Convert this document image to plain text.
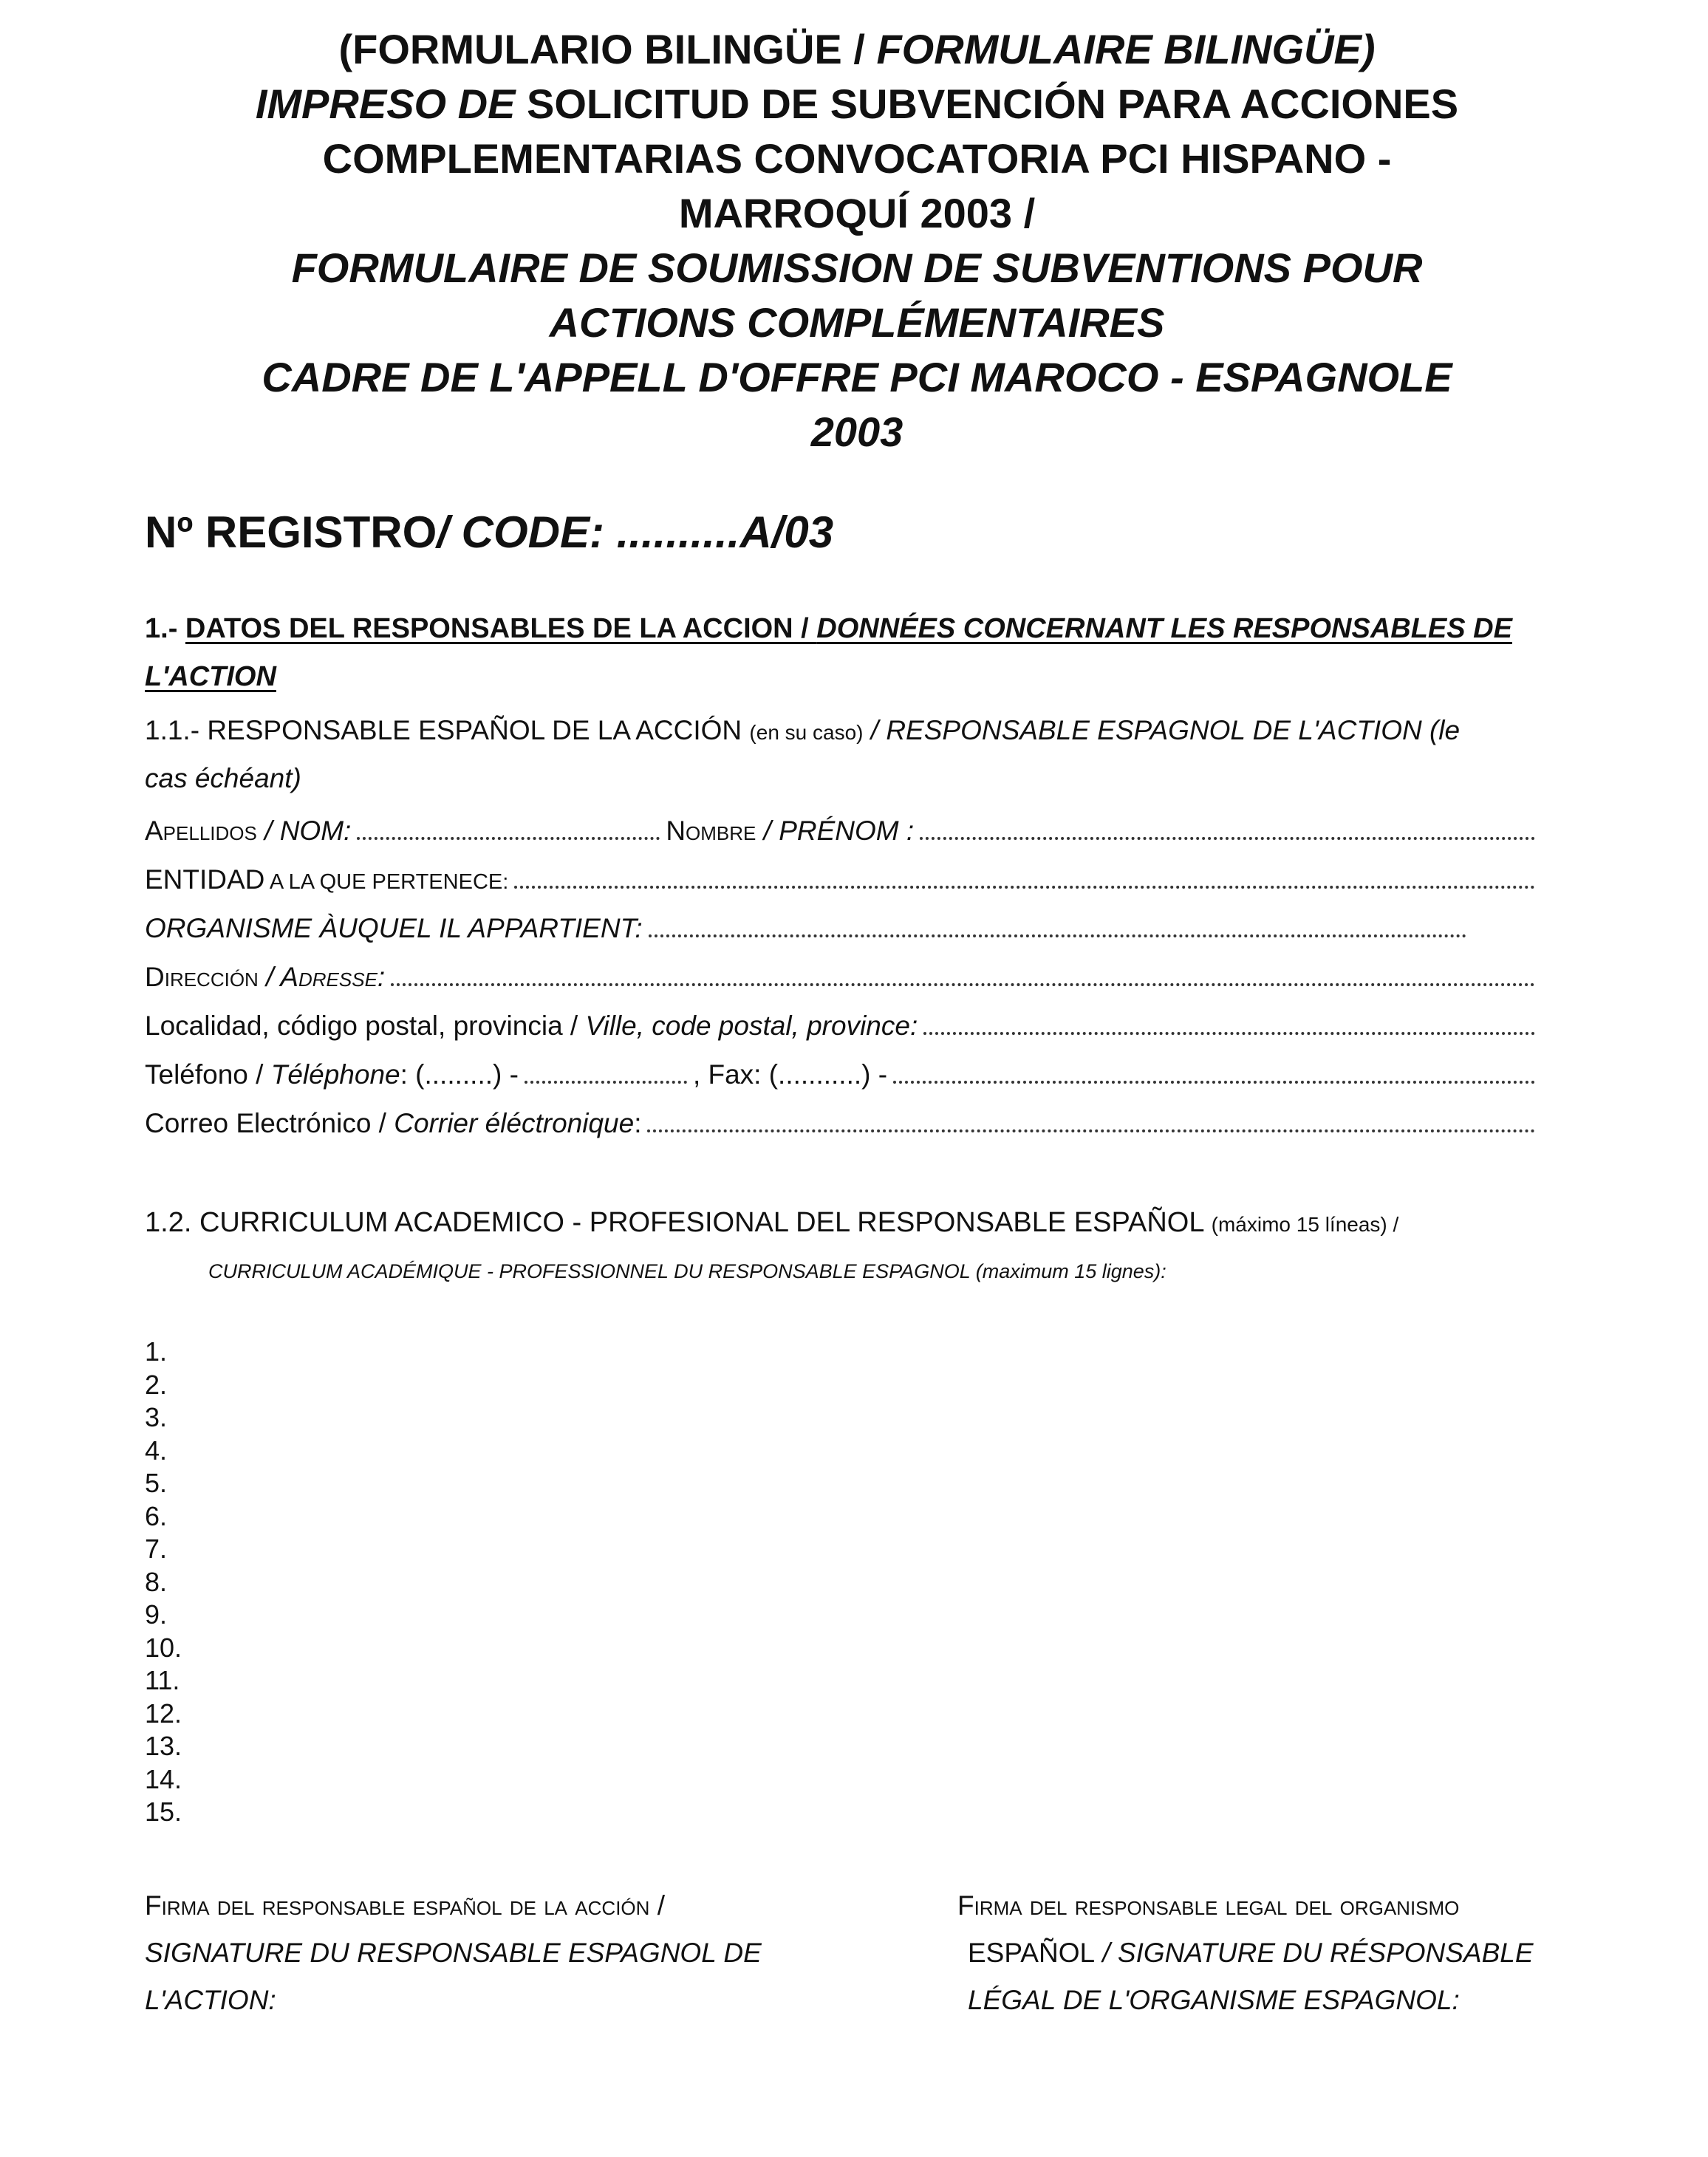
(FORMULARIO BILINGÜE / FORMULAIRE BILINGÜE)
IMPRESO DE SOLICITUD DE SUBVENCIÓN PARA ACCIONES
COMPLEMENTARIAS CONVOCATORIA PCI HISPANO -
MARROQUÍ 2003 /
FORMULAIRE DE SOUMISSION DE SUBVENTIONS POUR
ACTIONS COMPLÉMENTAIRES
CADRE DE L'APPELL D'OFFRE PCI MAROCO - ESPAGNOLE
2003
Nº REGISTRO/ CODE: ..........A/03
1.- DATOS DEL RESPONSABLES DE LA ACCION / DONNÉES CONCERNANT LES RESPONSABLES DE
L'ACTION
1.1.- RESPONSABLE ESPAÑOL DE LA ACCIÓN (en su caso) / RESPONSABLE ESPAGNOL DE L'ACTION (le
cas échéant)
Apellidos / NOM:	Nombre / PRÉNOM :
ENTIDAD A LA QUE PERTENECE:
ORGANISME ÀUQUEL IL APPARTIENT:
Dirección / Adresse:
Localidad, código postal, provincia / Ville, code postal, province:
Teléfono / Téléphone: (.........) -	, Fax: (...........) -
Correo Electrónico / Corrier éléctronique:
1.2. CURRICULUM ACADEMICO - PROFESIONAL DEL RESPONSABLE ESPAÑOL (máximo 15 líneas) /
CURRICULUM ACADÉMIQUE - PROFESSIONNEL DU RESPONSABLE ESPAGNOL (maximum 15 lignes):
1.
2.
3.
4.
5.
6.
7.
8.
9.
10.
11.
12.
13.
14.
15.
Firma del responsable español de la acción /
SIGNATURE DU RESPONSABLE ESPAGNOL DE
L'ACTION:
Firma del responsable legal del organismo
ESPAÑOL / SIGNATURE DU RÉSPONSABLE
LÉGAL DE L'ORGANISME ESPAGNOL:
